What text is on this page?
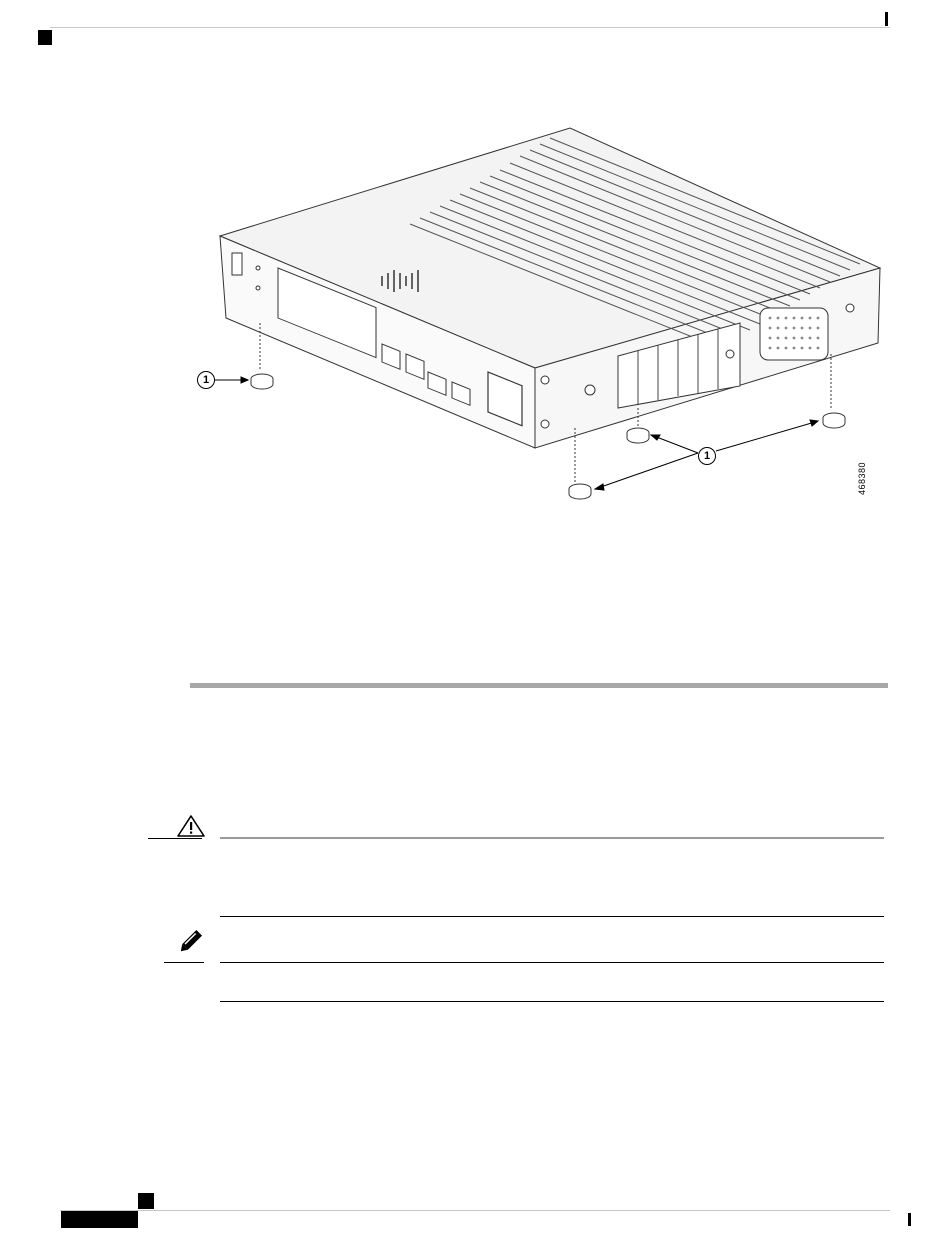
1
1
468380
